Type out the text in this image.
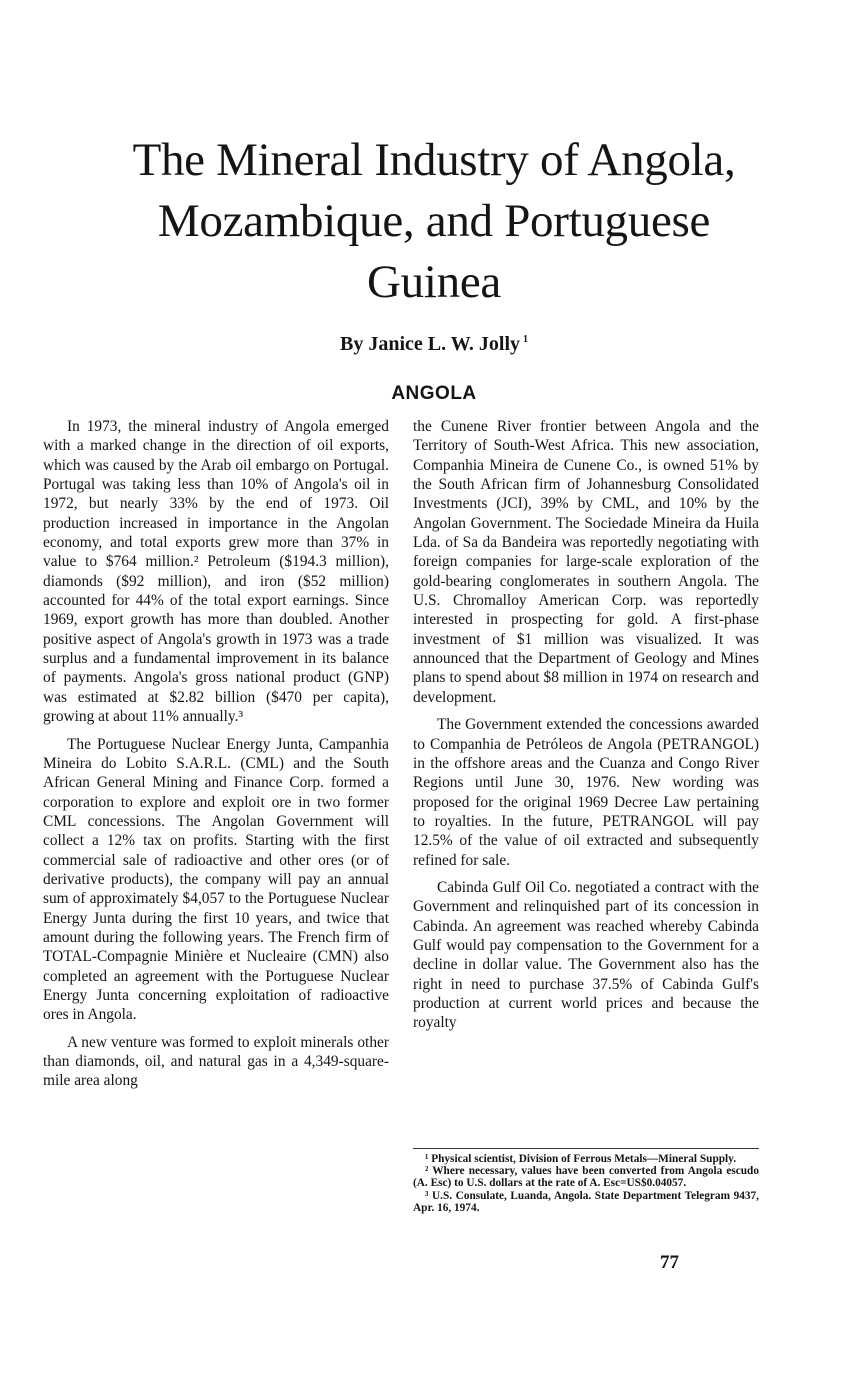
The Mineral Industry of Angola,
Mozambique, and Portuguese
Guinea
By Janice L. W. Jolly $^1$
ANGOLA

In 1973, the mineral industry of Angola emerged with a marked change in the direction of oil exports, which was caused by the Arab oil embargo on Portugal. Portugal was taking less than 10% of Angola's oil in 1972, but nearly 33% by the end of 1973. Oil production increased in importance in the Angolan economy, and total exports grew more than 37% in value to $764 million.² Petroleum ($194.3 million), diamonds ($92 million), and iron ($52 million) accounted for 44% of the total export earnings. Since 1969, export growth has more than doubled. Another positive aspect of Angola's growth in 1973 was a trade surplus and a fundamental improvement in its balance of payments. Angola's gross national product (GNP) was estimated at $2.82 billion ($470 per capita), growing at about 11% annually.³

The Portuguese Nuclear Energy Junta, Campanhia Mineira do Lobito S.A.R.L. (CML) and the South African General Mining and Finance Corp. formed a corporation to explore and exploit ore in two former CML concessions. The Angolan Government will collect a 12% tax on profits. Starting with the first commercial sale of radioactive and other ores (or of derivative products), the company will pay an annual sum of approximately $4,057 to the Portuguese Nuclear Energy Junta during the first 10 years, and twice that amount during the following years. The French firm of TOTAL-Compagnie Minière et Nucleaire (CMN) also completed an agreement with the Portuguese Nuclear Energy Junta concerning exploitation of radioactive ores in Angola.

A new venture was formed to exploit minerals other than diamonds, oil, and natural gas in a 4,349-square-mile area along

the Cunene River frontier between Angola and the Territory of South-West Africa. This new association, Companhia Mineira de Cunene Co., is owned 51% by the South African firm of Johannesburg Consolidated Investments (JCI), 39% by CML, and 10% by the Angolan Government. The Sociedade Mineira da Huila Lda. of Sa da Bandeira was reportedly negotiating with foreign companies for large-scale exploration of the gold-bearing conglomerates in southern Angola. The U.S. Chromalloy American Corp. was reportedly interested in prospecting for gold. A first-phase investment of $1 million was visualized. It was announced that the Department of Geology and Mines plans to spend about $8 million in 1974 on research and development.

The Government extended the concessions awarded to Companhia de Petróleos de Angola (PETRANGOL) in the offshore areas and the Cuanza and Congo River Regions until June 30, 1976. New wording was proposed for the original 1969 Decree Law pertaining to royalties. In the future, PETRANGOL will pay 12.5% of the value of oil extracted and subsequently refined for sale.

Cabinda Gulf Oil Co. negotiated a contract with the Government and relinquished part of its concession in Cabinda. An agreement was reached whereby Cabinda Gulf would pay compensation to the Government for a decline in dollar value. The Government also has the right in need to purchase 37.5% of Cabinda Gulf's production at current world prices and because the royalty

¹ Physical scientist, Division of Ferrous Metals—Mineral Supply.

² Where necessary, values have been converted from Angola escudo (A. Esc) to U.S. dollars at the rate of A. Esc=US$0.04057.

³ U.S. Consulate, Luanda, Angola. State Department Telegram 9437, Apr. 16, 1974.

77
